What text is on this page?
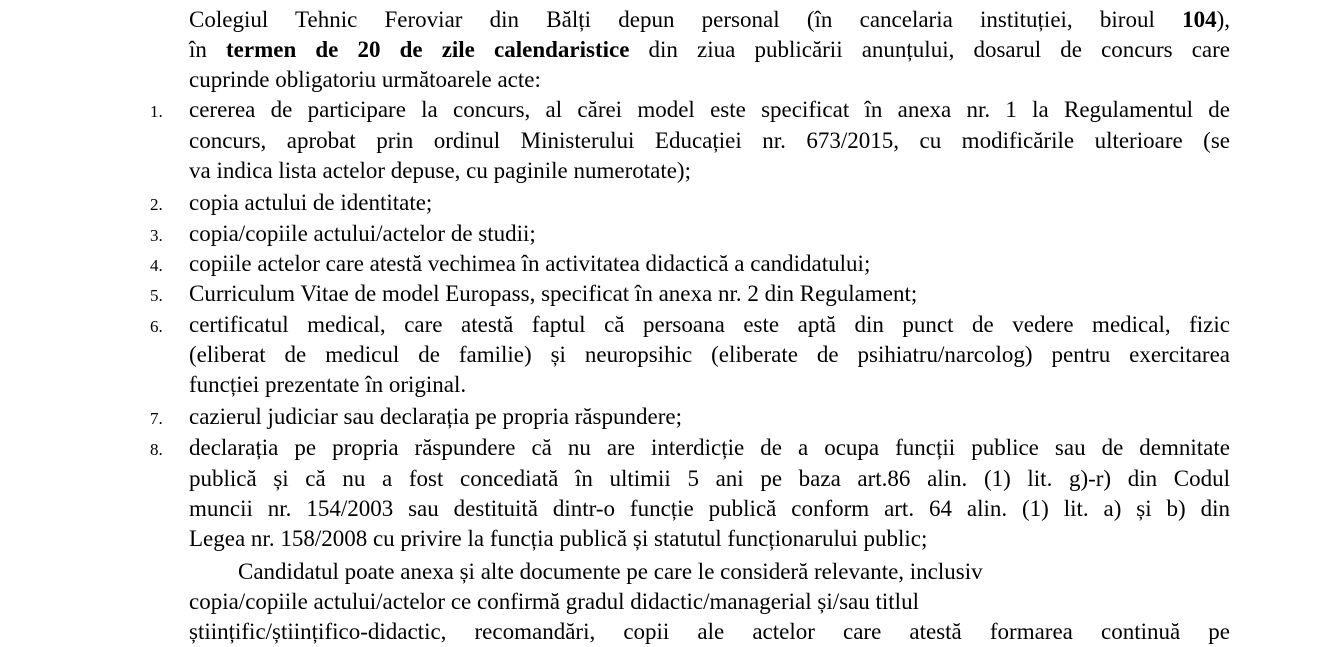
Colegiul Tehnic Feroviar din Bălți depun personal (în cancelaria instituției, biroul 104),
în termen de 20 de zile calendaristice din ziua publicării anunțului, dosarul de concurs care
cuprinde obligatoriu următoarele acte:
1. cererea de participare la concurs, al cărei model este specificat în anexa nr. 1 la Regulamentul de
concurs, aprobat prin ordinul Ministerului Educației nr. 673/2015, cu modificările ulterioare (se
va indica lista actelor depuse, cu paginile numerotate);
2. copia actului de identitate;
3. copia/copiile actului/actelor de studii;
4. copiile actelor care atestă vechimea în activitatea didactică a candidatului;
5. Curriculum Vitae de model Europass, specificat în anexa nr. 2 din Regulament;
6. certificatul medical, care atestă faptul că persoana este aptă din punct de vedere medical, fizic
(eliberat de medicul de familie) și neuropsihic (eliberate de psihiatru/narcolog) pentru exercitarea
funcției prezentate în original.
7. cazierul judiciar sau declarația pe propria răspundere;
8. declarația pe propria răspundere că nu are interdicție de a ocupa funcții publice sau de demnitate
publică și că nu a fost concediată în ultimii 5 ani pe baza art.86 alin. (1) lit. g)-r) din Codul
muncii nr. 154/2003 sau destituită dintr-o funcție publică conform art. 64 alin. (1) lit. a) și b) din
Legea nr. 158/2008 cu privire la funcția publică și statutul funcționarului public;
Candidatul poate anexa și alte documente pe care le consideră relevante, inclusiv
copia/copiile actului/actelor ce confirmă gradul didactic/managerial și/sau titlul
științific/științifico-didactic, recomandări, copii ale actelor care atestă formarea continuă pe
